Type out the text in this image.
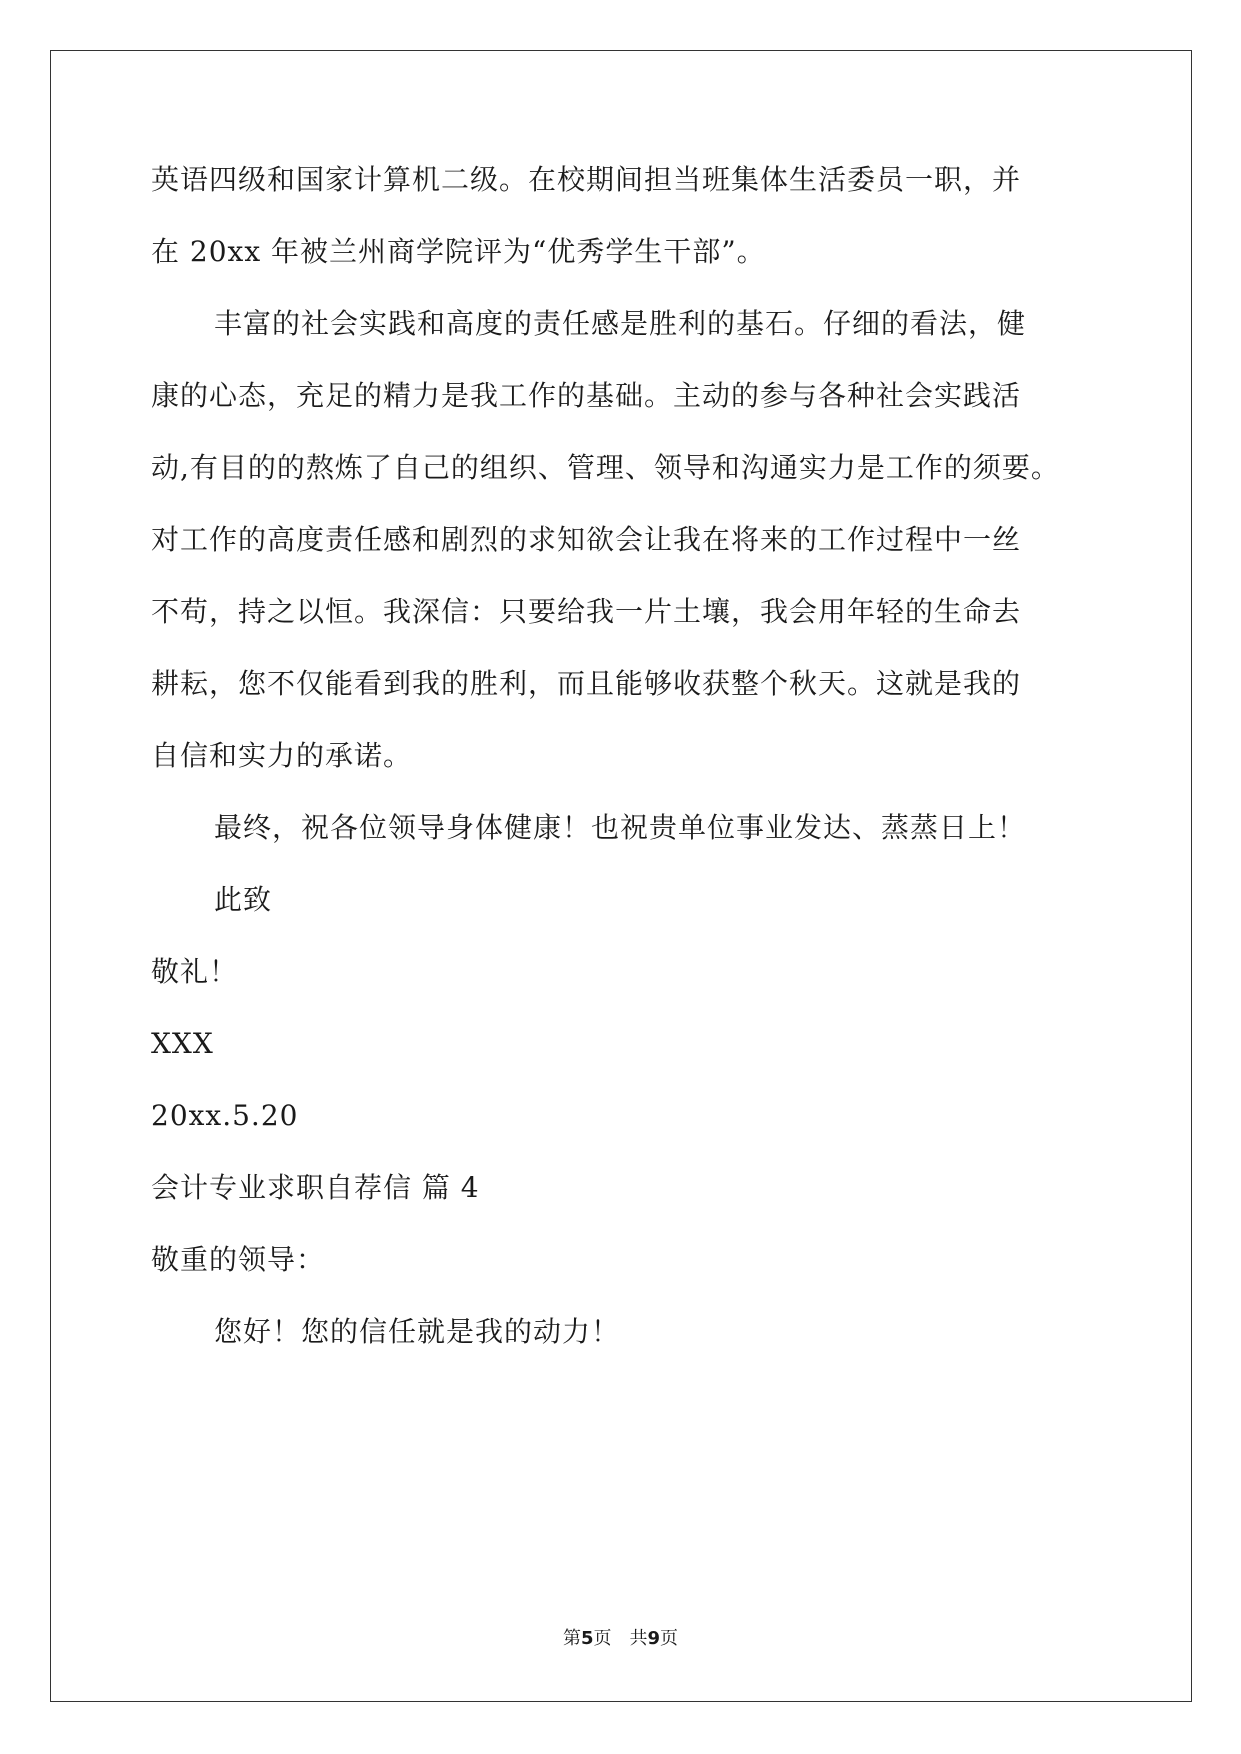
英语四级和国家计算机二级。在校期间担当班集体生活委员一职，并
在 20xx 年被兰州商学院评为“优秀学生干部”。
丰富的社会实践和高度的责任感是胜利的基石。仔细的看法，健
康的心态，充足的精力是我工作的基础。主动的参与各种社会实践活
动,有目的的熬炼了自己的组织、管理、领导和沟通实力是工作的须要。
对工作的高度责任感和剧烈的求知欲会让我在将来的工作过程中一丝
不苟，持之以恒。我深信：只要给我一片土壤，我会用年轻的生命去
耕耘，您不仅能看到我的胜利，而且能够收获整个秋天。这就是我的
自信和实力的承诺。
最终，祝各位领导身体健康！也祝贵单位事业发达、蒸蒸日上！
此致
敬礼！
XXX
20xx.5.20
会计专业求职自荐信 篇 4
敬重的领导：
您好！您的信任就是我的动力！
第5页 共9页
